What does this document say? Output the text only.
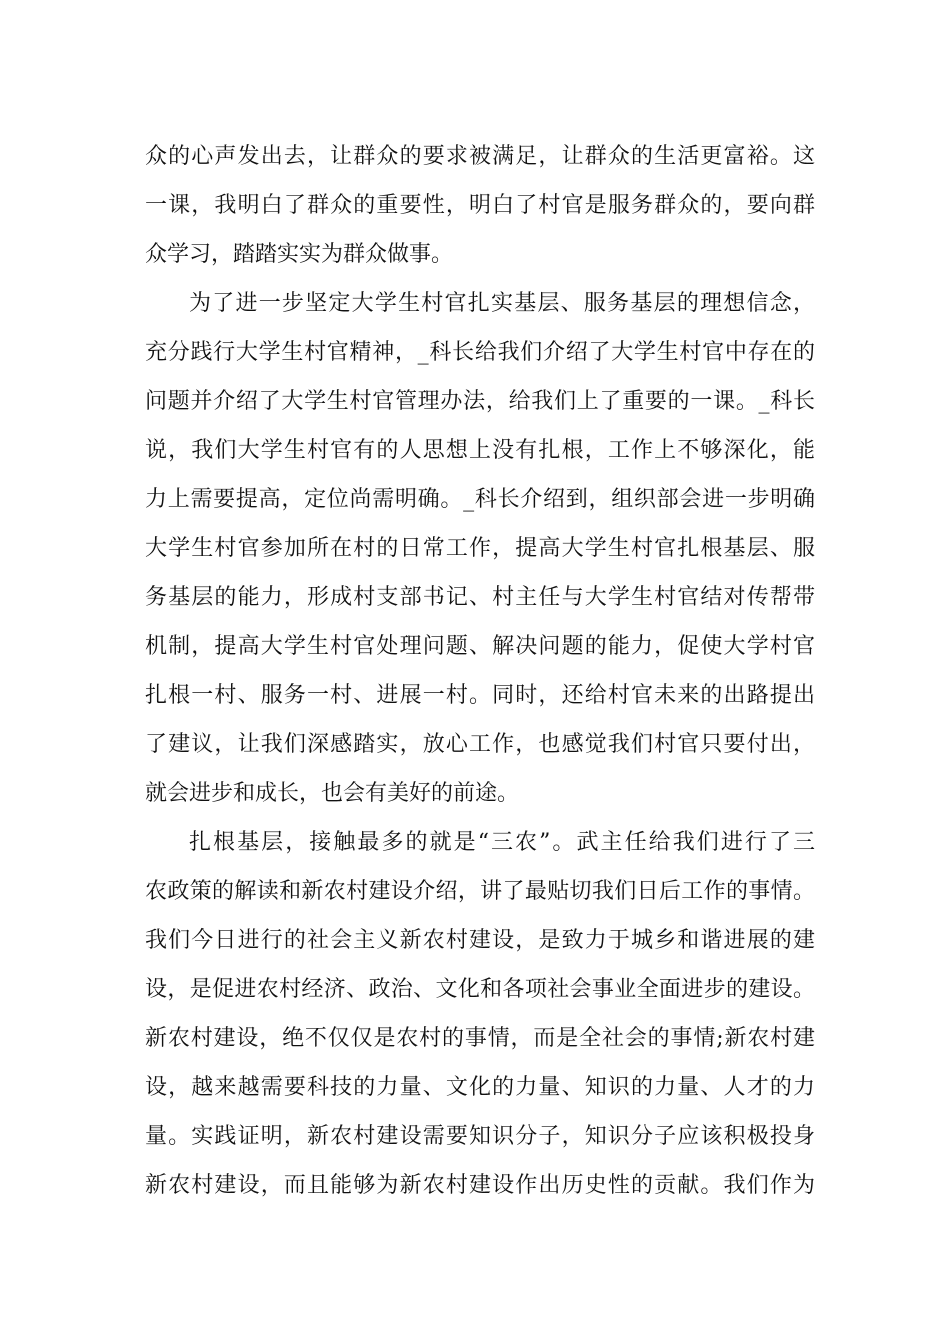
众的心声发出去，让群众的要求被满足，让群众的生活更富裕。这
一课，我明白了群众的重要性，明白了村官是服务群众的，要向群
众学习，踏踏实实为群众做事。
为了进一步坚定大学生村官扎实基层、服务基层的理想信念，
充分践行大学生村官精神，_科长给我们介绍了大学生村官中存在的
问题并介绍了大学生村官管理办法，给我们上了重要的一课。_科长
说，我们大学生村官有的人思想上没有扎根，工作上不够深化，能
力上需要提高，定位尚需明确。_科长介绍到，组织部会进一步明确
大学生村官参加所在村的日常工作，提高大学生村官扎根基层、服
务基层的能力，形成村支部书记、村主任与大学生村官结对传帮带
机制，提高大学生村官处理问题、解决问题的能力，促使大学村官
扎根一村、服务一村、进展一村。同时，还给村官未来的出路提出
了建议，让我们深感踏实，放心工作，也感觉我们村官只要付出，
就会进步和成长，也会有美好的前途。
扎根基层，接触最多的就是“三农”。武主任给我们进行了三
农政策的解读和新农村建设介绍，讲了最贴切我们日后工作的事情。
我们今日进行的社会主义新农村建设，是致力于城乡和谐进展的建
设，是促进农村经济、政治、文化和各项社会事业全面进步的建设。
新农村建设，绝不仅仅是农村的事情，而是全社会的事情;新农村建
设，越来越需要科技的力量、文化的力量、知识的力量、人才的力
量。实践证明，新农村建设需要知识分子，知识分子应该积极投身
新农村建设，而且能够为新农村建设作出历史性的贡献。我们作为
